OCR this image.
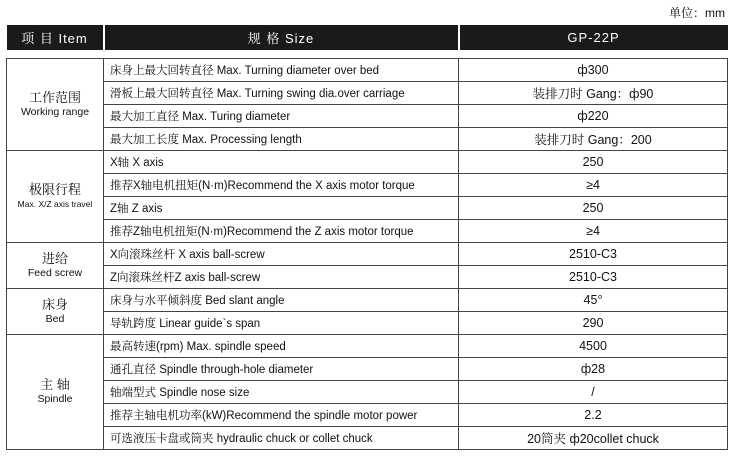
单位：mm
项 目 Item	规 格 Size	GP-22P

工作范围
Working range	床身上最大回转直径 Max. Turning diameter over bed	ф300
	滑板上最大回转直径 Max. Turning swing dia.over carriage	装排刀时 Gang：ф90
	最大加工直径 Max. Turing diameter	ф220
	最大加工长度 Max. Processing length	装排刀时 Gang：200

极限行程
Max. X/Z axis travel	X轴 X axis	250
	推荐X轴电机扭矩(N·m)Recommend the X axis motor torque	≥4
	Z轴 Z axis	250
	推荐Z轴电机扭矩(N·m)Recommend the Z axis motor torque	≥4

进给
Feed screw	X向滚珠丝杆 X axis ball-screw	2510-C3
	Z向滚珠丝杆Z axis ball-screw	2510-C3

床身
Bed	床身与水平倾斜度 Bed slant angle	45°
	导轨跨度 Linear guide`s span	290

主 轴
Spindle	最高转速(rpm) Max. spindle speed	4500
	通孔直径 Spindle through-hole diameter	ф28
	轴端型式 Spindle nose size	/
	推荐主轴电机功率(kW)Recommend the spindle motor power	2.2
	可选液压卡盘或筒夹 hydraulic chuck or collet chuck	20筒夹 ф20collet chuck
